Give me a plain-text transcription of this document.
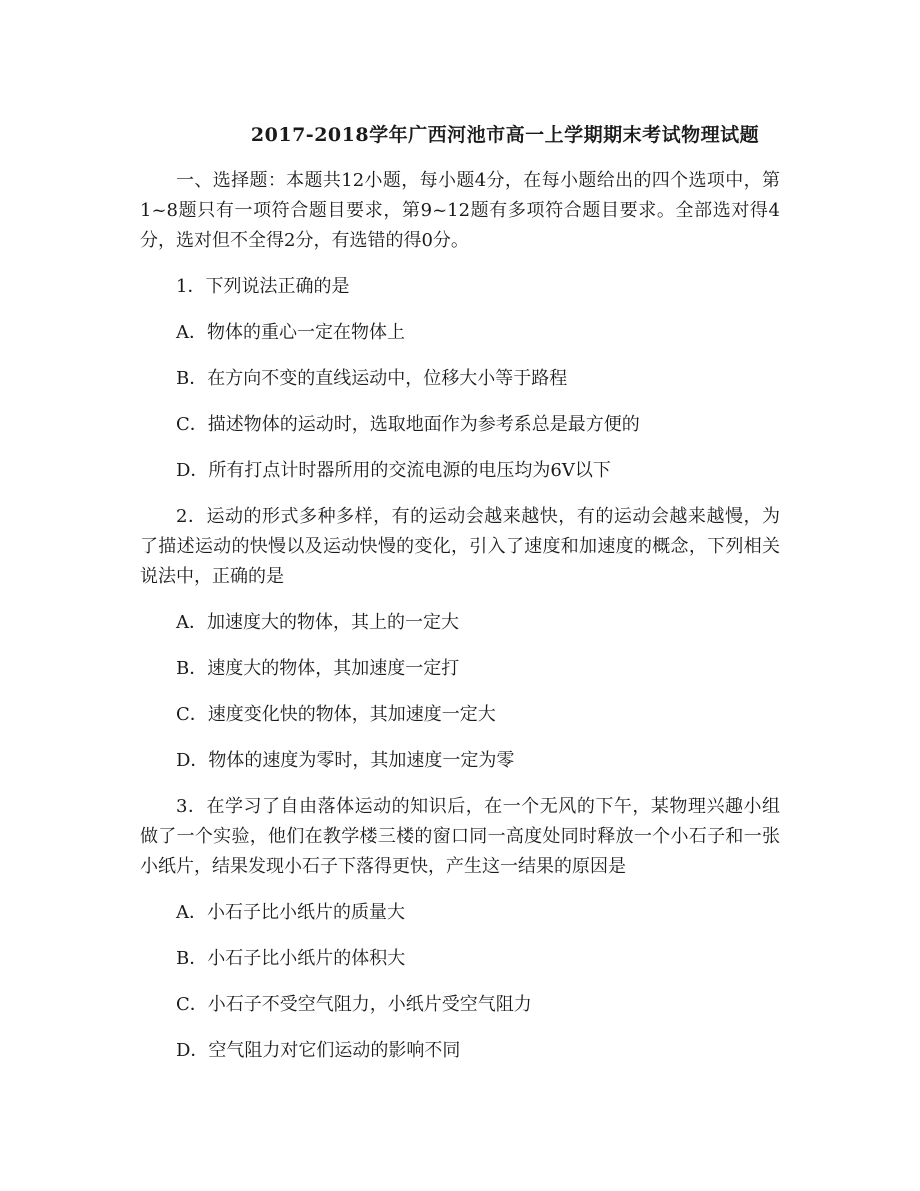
2017-2018学年广西河池市高一上学期期末考试物理试题

一、选择题：本题共12小题，每小题4分，在每小题给出的四个选项中，第1~8题只有一项符合题目要求，第9~12题有多项符合题目要求。全部选对得4分，选对但不全得2分，有选错的得0分。

1．下列说法正确的是

A．物体的重心一定在物体上

B．在方向不变的直线运动中，位移大小等于路程

C．描述物体的运动时，选取地面作为参考系总是最方便的

D．所有打点计时器所用的交流电源的电压均为6V以下

2．运动的形式多种多样，有的运动会越来越快，有的运动会越来越慢，为了描述运动的快慢以及运动快慢的变化，引入了速度和加速度的概念，下列相关说法中，正确的是

A．加速度大的物体，其上的一定大

B．速度大的物体，其加速度一定打

C．速度变化快的物体，其加速度一定大

D．物体的速度为零时，其加速度一定为零

3．在学习了自由落体运动的知识后，在一个无风的下午，某物理兴趣小组做了一个实验，他们在教学楼三楼的窗口同一高度处同时释放一个小石子和一张小纸片，结果发现小石子下落得更快，产生这一结果的原因是

A．小石子比小纸片的质量大

B．小石子比小纸片的体积大

C．小石子不受空气阻力，小纸片受空气阻力

D．空气阻力对它们运动的影响不同
